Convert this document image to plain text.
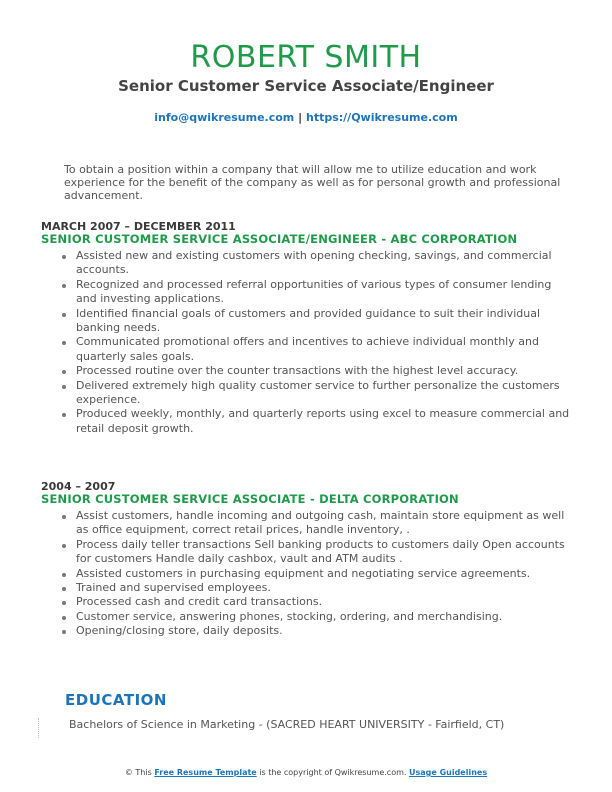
ROBERT SMITH
Senior Customer Service Associate/Engineer
info@qwikresume.com | https://Qwikresume.com
To obtain a position within a company that will allow me to utilize education and work experience for the benefit of the company as well as for personal growth and professional advancement.
MARCH 2007 – DECEMBER 2011
SENIOR CUSTOMER SERVICE ASSOCIATE/ENGINEER - ABC CORPORATION
Assisted new and existing customers with opening checking, savings, and commercial accounts.
Recognized and processed referral opportunities of various types of consumer lending and investing applications.
Identified financial goals of customers and provided guidance to suit their individual banking needs.
Communicated promotional offers and incentives to achieve individual monthly and quarterly sales goals.
Processed routine over the counter transactions with the highest level accuracy.
Delivered extremely high quality customer service to further personalize the customers experience.
Produced weekly, monthly, and quarterly reports using excel to measure commercial and retail deposit growth.
2004 – 2007
SENIOR CUSTOMER SERVICE ASSOCIATE - DELTA CORPORATION
Assist customers, handle incoming and outgoing cash, maintain store equipment as well as office equipment, correct retail prices, handle inventory, .
Process daily teller transactions Sell banking products to customers daily Open accounts for customers Handle daily cashbox, vault and ATM audits .
Assisted customers in purchasing equipment and negotiating service agreements.
Trained and supervised employees.
Processed cash and credit card transactions.
Customer service, answering phones, stocking, ordering, and merchandising.
Opening/closing store, daily deposits.
EDUCATION
Bachelors of Science in Marketing - (SACRED HEART UNIVERSITY - Fairfield, CT)
© This Free Resume Template is the copyright of Qwikresume.com. Usage Guidelines
